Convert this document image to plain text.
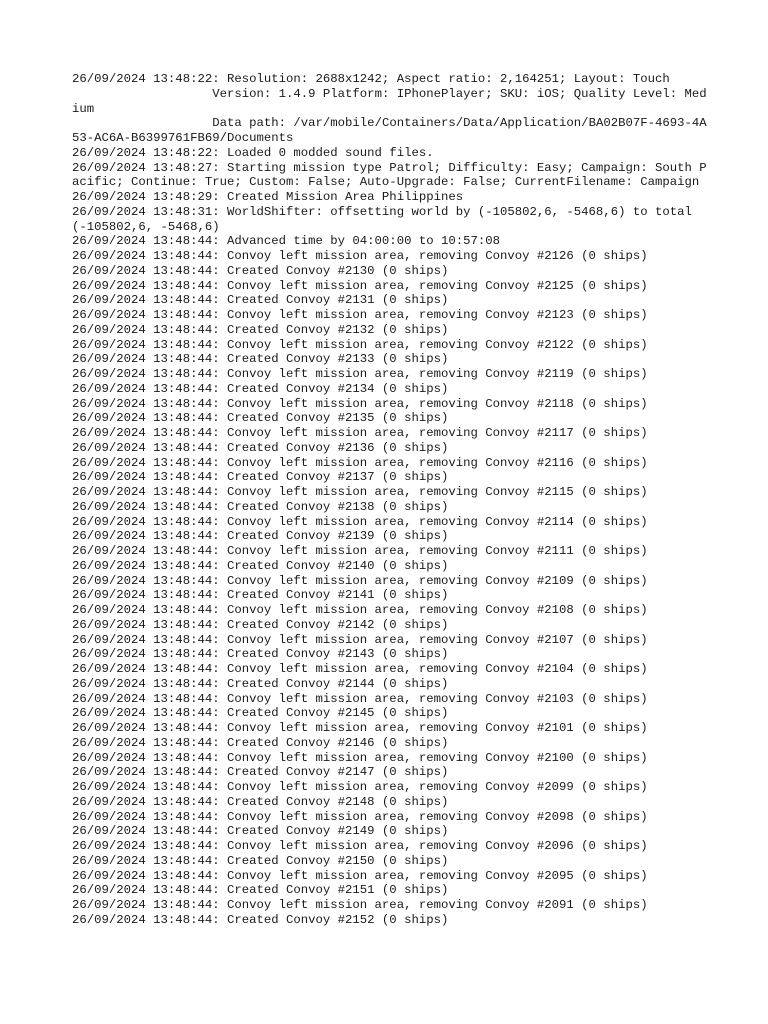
26/09/2024 13:48:22: Resolution: 2688x1242; Aspect ratio: 2,164251; Layout: Touch
Version: 1.4.9 Platform: IPhonePlayer; SKU: iOS; Quality Level: Medium
Data path: /var/mobile/Containers/Data/Application/BA02B07F-4693-4A53-AC6A-B6399761FB69/Documents
26/09/2024 13:48:22: Loaded 0 modded sound files.
26/09/2024 13:48:27: Starting mission type Patrol; Difficulty: Easy; Campaign: South Pacific; Continue: True; Custom: False; Auto-Upgrade: False; CurrentFilename: Campaign
26/09/2024 13:48:29: Created Mission Area Philippines
26/09/2024 13:48:31: WorldShifter: offsetting world by (-105802,6, -5468,6) to total (-105802,6, -5468,6)
26/09/2024 13:48:44: Advanced time by 04:00:00 to 10:57:08
26/09/2024 13:48:44: Convoy left mission area, removing Convoy #2126 (0 ships)
26/09/2024 13:48:44: Created Convoy #2130 (0 ships)
26/09/2024 13:48:44: Convoy left mission area, removing Convoy #2125 (0 ships)
26/09/2024 13:48:44: Created Convoy #2131 (0 ships)
26/09/2024 13:48:44: Convoy left mission area, removing Convoy #2123 (0 ships)
26/09/2024 13:48:44: Created Convoy #2132 (0 ships)
26/09/2024 13:48:44: Convoy left mission area, removing Convoy #2122 (0 ships)
26/09/2024 13:48:44: Created Convoy #2133 (0 ships)
26/09/2024 13:48:44: Convoy left mission area, removing Convoy #2119 (0 ships)
26/09/2024 13:48:44: Created Convoy #2134 (0 ships)
26/09/2024 13:48:44: Convoy left mission area, removing Convoy #2118 (0 ships)
26/09/2024 13:48:44: Created Convoy #2135 (0 ships)
26/09/2024 13:48:44: Convoy left mission area, removing Convoy #2117 (0 ships)
26/09/2024 13:48:44: Created Convoy #2136 (0 ships)
26/09/2024 13:48:44: Convoy left mission area, removing Convoy #2116 (0 ships)
26/09/2024 13:48:44: Created Convoy #2137 (0 ships)
26/09/2024 13:48:44: Convoy left mission area, removing Convoy #2115 (0 ships)
26/09/2024 13:48:44: Created Convoy #2138 (0 ships)
26/09/2024 13:48:44: Convoy left mission area, removing Convoy #2114 (0 ships)
26/09/2024 13:48:44: Created Convoy #2139 (0 ships)
26/09/2024 13:48:44: Convoy left mission area, removing Convoy #2111 (0 ships)
26/09/2024 13:48:44: Created Convoy #2140 (0 ships)
26/09/2024 13:48:44: Convoy left mission area, removing Convoy #2109 (0 ships)
26/09/2024 13:48:44: Created Convoy #2141 (0 ships)
26/09/2024 13:48:44: Convoy left mission area, removing Convoy #2108 (0 ships)
26/09/2024 13:48:44: Created Convoy #2142 (0 ships)
26/09/2024 13:48:44: Convoy left mission area, removing Convoy #2107 (0 ships)
26/09/2024 13:48:44: Created Convoy #2143 (0 ships)
26/09/2024 13:48:44: Convoy left mission area, removing Convoy #2104 (0 ships)
26/09/2024 13:48:44: Created Convoy #2144 (0 ships)
26/09/2024 13:48:44: Convoy left mission area, removing Convoy #2103 (0 ships)
26/09/2024 13:48:44: Created Convoy #2145 (0 ships)
26/09/2024 13:48:44: Convoy left mission area, removing Convoy #2101 (0 ships)
26/09/2024 13:48:44: Created Convoy #2146 (0 ships)
26/09/2024 13:48:44: Convoy left mission area, removing Convoy #2100 (0 ships)
26/09/2024 13:48:44: Created Convoy #2147 (0 ships)
26/09/2024 13:48:44: Convoy left mission area, removing Convoy #2099 (0 ships)
26/09/2024 13:48:44: Created Convoy #2148 (0 ships)
26/09/2024 13:48:44: Convoy left mission area, removing Convoy #2098 (0 ships)
26/09/2024 13:48:44: Created Convoy #2149 (0 ships)
26/09/2024 13:48:44: Convoy left mission area, removing Convoy #2096 (0 ships)
26/09/2024 13:48:44: Created Convoy #2150 (0 ships)
26/09/2024 13:48:44: Convoy left mission area, removing Convoy #2095 (0 ships)
26/09/2024 13:48:44: Created Convoy #2151 (0 ships)
26/09/2024 13:48:44: Convoy left mission area, removing Convoy #2091 (0 ships)
26/09/2024 13:48:44: Created Convoy #2152 (0 ships)
